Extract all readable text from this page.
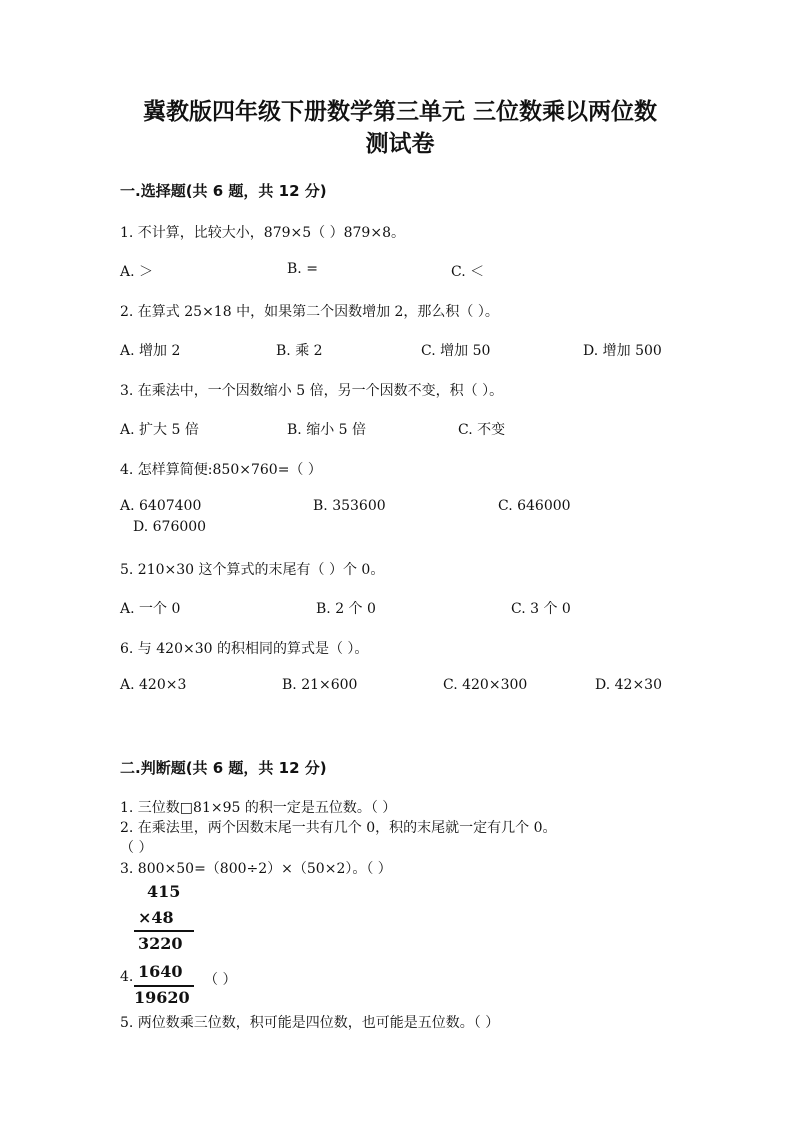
冀教版四年级下册数学第三单元 三位数乘以两位数
测试卷
一.选择题(共 6 题，共 12 分)
1. 不计算，比较大小，879×5（ ）879×8。
A. ＞	B. =	C. ＜
2. 在算式 25×18 中，如果第二个因数增加 2，那么积（ ）。
A. 增加 2	B. 乘 2	C. 增加 50	D. 增加 500
3. 在乘法中，一个因数缩小 5 倍，另一个因数不变，积（ ）。
A. 扩大 5 倍	B. 缩小 5 倍	C. 不变
4. 怎样算简便:850×760=（ ）
A. 6407400	B. 353600	C. 646000
D. 676000
5. 210×30 这个算式的末尾有（ ）个 0。
A. 一个 0	B. 2 个 0	C. 3 个 0
6. 与 420×30 的积相同的算式是（ ）。
A. 420×3	B. 21×600	C. 420×300	D. 42×30
二.判断题(共 6 题，共 12 分)
1. 三位数□81×95 的积一定是五位数。（ ）
2. 在乘法里，两个因数末尾一共有几个 0，积的末尾就一定有几个 0。
（ ）
3. 800×50=（800÷2）×（50×2）。（ ）
415
×48
3220
4. 1640
19620
（ ）
5. 两位数乘三位数，积可能是四位数，也可能是五位数。（ ）
